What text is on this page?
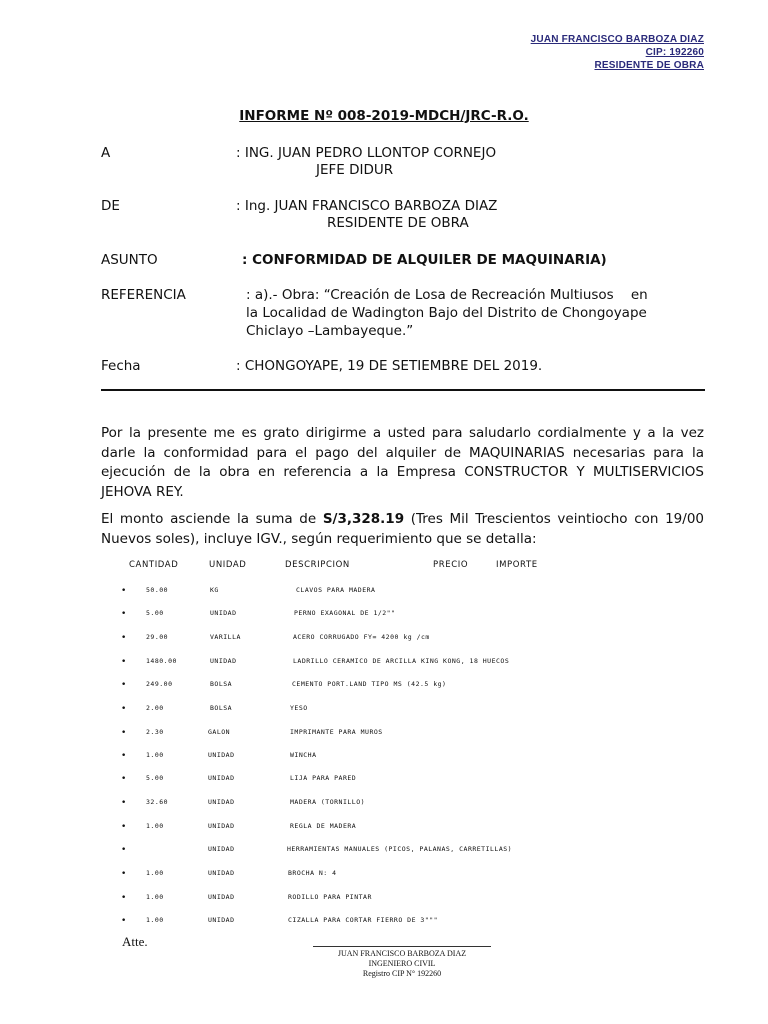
JUAN FRANCISCO BARBOZA DIAZ
CIP: 192260
RESIDENTE DE OBRA
INFORME Nº 008-2019-MDCH/JRC-R.O.
A	: ING. JUAN PEDRO LLONTOP CORNEJO
JEFE DIDUR
DE	: Ing. JUAN FRANCISCO BARBOZA DIAZ
RESIDENTE DE OBRA
ASUNTO	: CONFORMIDAD DE ALQUILER DE MAQUINARIA)
REFERENCIA	: a).- Obra: “Creación de Losa de Recreación Multiusos    en
la Localidad de Wadington Bajo del Distrito de Chongoyape
Chiclayo –Lambayeque.”
Fecha	: CHONGOYAPE, 19 DE SETIEMBRE DEL 2019.
Por la presente me es grato dirigirme a usted para saludarlo cordialmente y a la vez darle la conformidad para el pago del alquiler de MAQUINARIAS necesarias para la ejecución de la obra en referencia a la Empresa CONSTRUCTOR Y MULTISERVICIOS JEHOVA REY.
El monto asciende la suma de S/3,328.19 (Tres Mil Trescientos veintiocho con 19/00 Nuevos soles), incluye IGV., según requerimiento que se detalla:
CANTIDAD	UNIDAD	DESCRIPCION	PRECIO	IMPORTE
•	50.00	KG	CLAVOS PARA MADERA
•	5.00	UNIDAD	PERNO EXAGONAL DE 1/2""
•	29.00	VARILLA	ACERO CORRUGADO FY= 4200 kg /cm
•	1480.00	UNIDAD	LADRILLO CERAMICO DE ARCILLA KING KONG, 18 HUECOS
•	249.00	BOLSA	CEMENTO PORT.LAND TIPO MS (42.5 kg)
•	2.00	BOLSA	YESO
•	2.30	GALON	IMPRIMANTE PARA MUROS
•	1.00	UNIDAD	WINCHA
•	5.00	UNIDAD	LIJA PARA PARED
•	32.60	UNIDAD	MADERA (TORNILLO)
•	1.00	UNIDAD	REGLA DE MADERA
•	UNIDAD	HERRAMIENTAS MANUALES (PICOS, PALANAS, CARRETILLAS)
•	1.00	UNIDAD	BROCHA N: 4
•	1.00	UNIDAD	RODILLO PARA PINTAR
•	1.00	UNIDAD	CIZALLA PARA CORTAR FIERRO DE 3"""
Atte.
JUAN FRANCISCO BARBOZA DIAZ
INGENIERO CIVIL
Registro CIP N° 192260
